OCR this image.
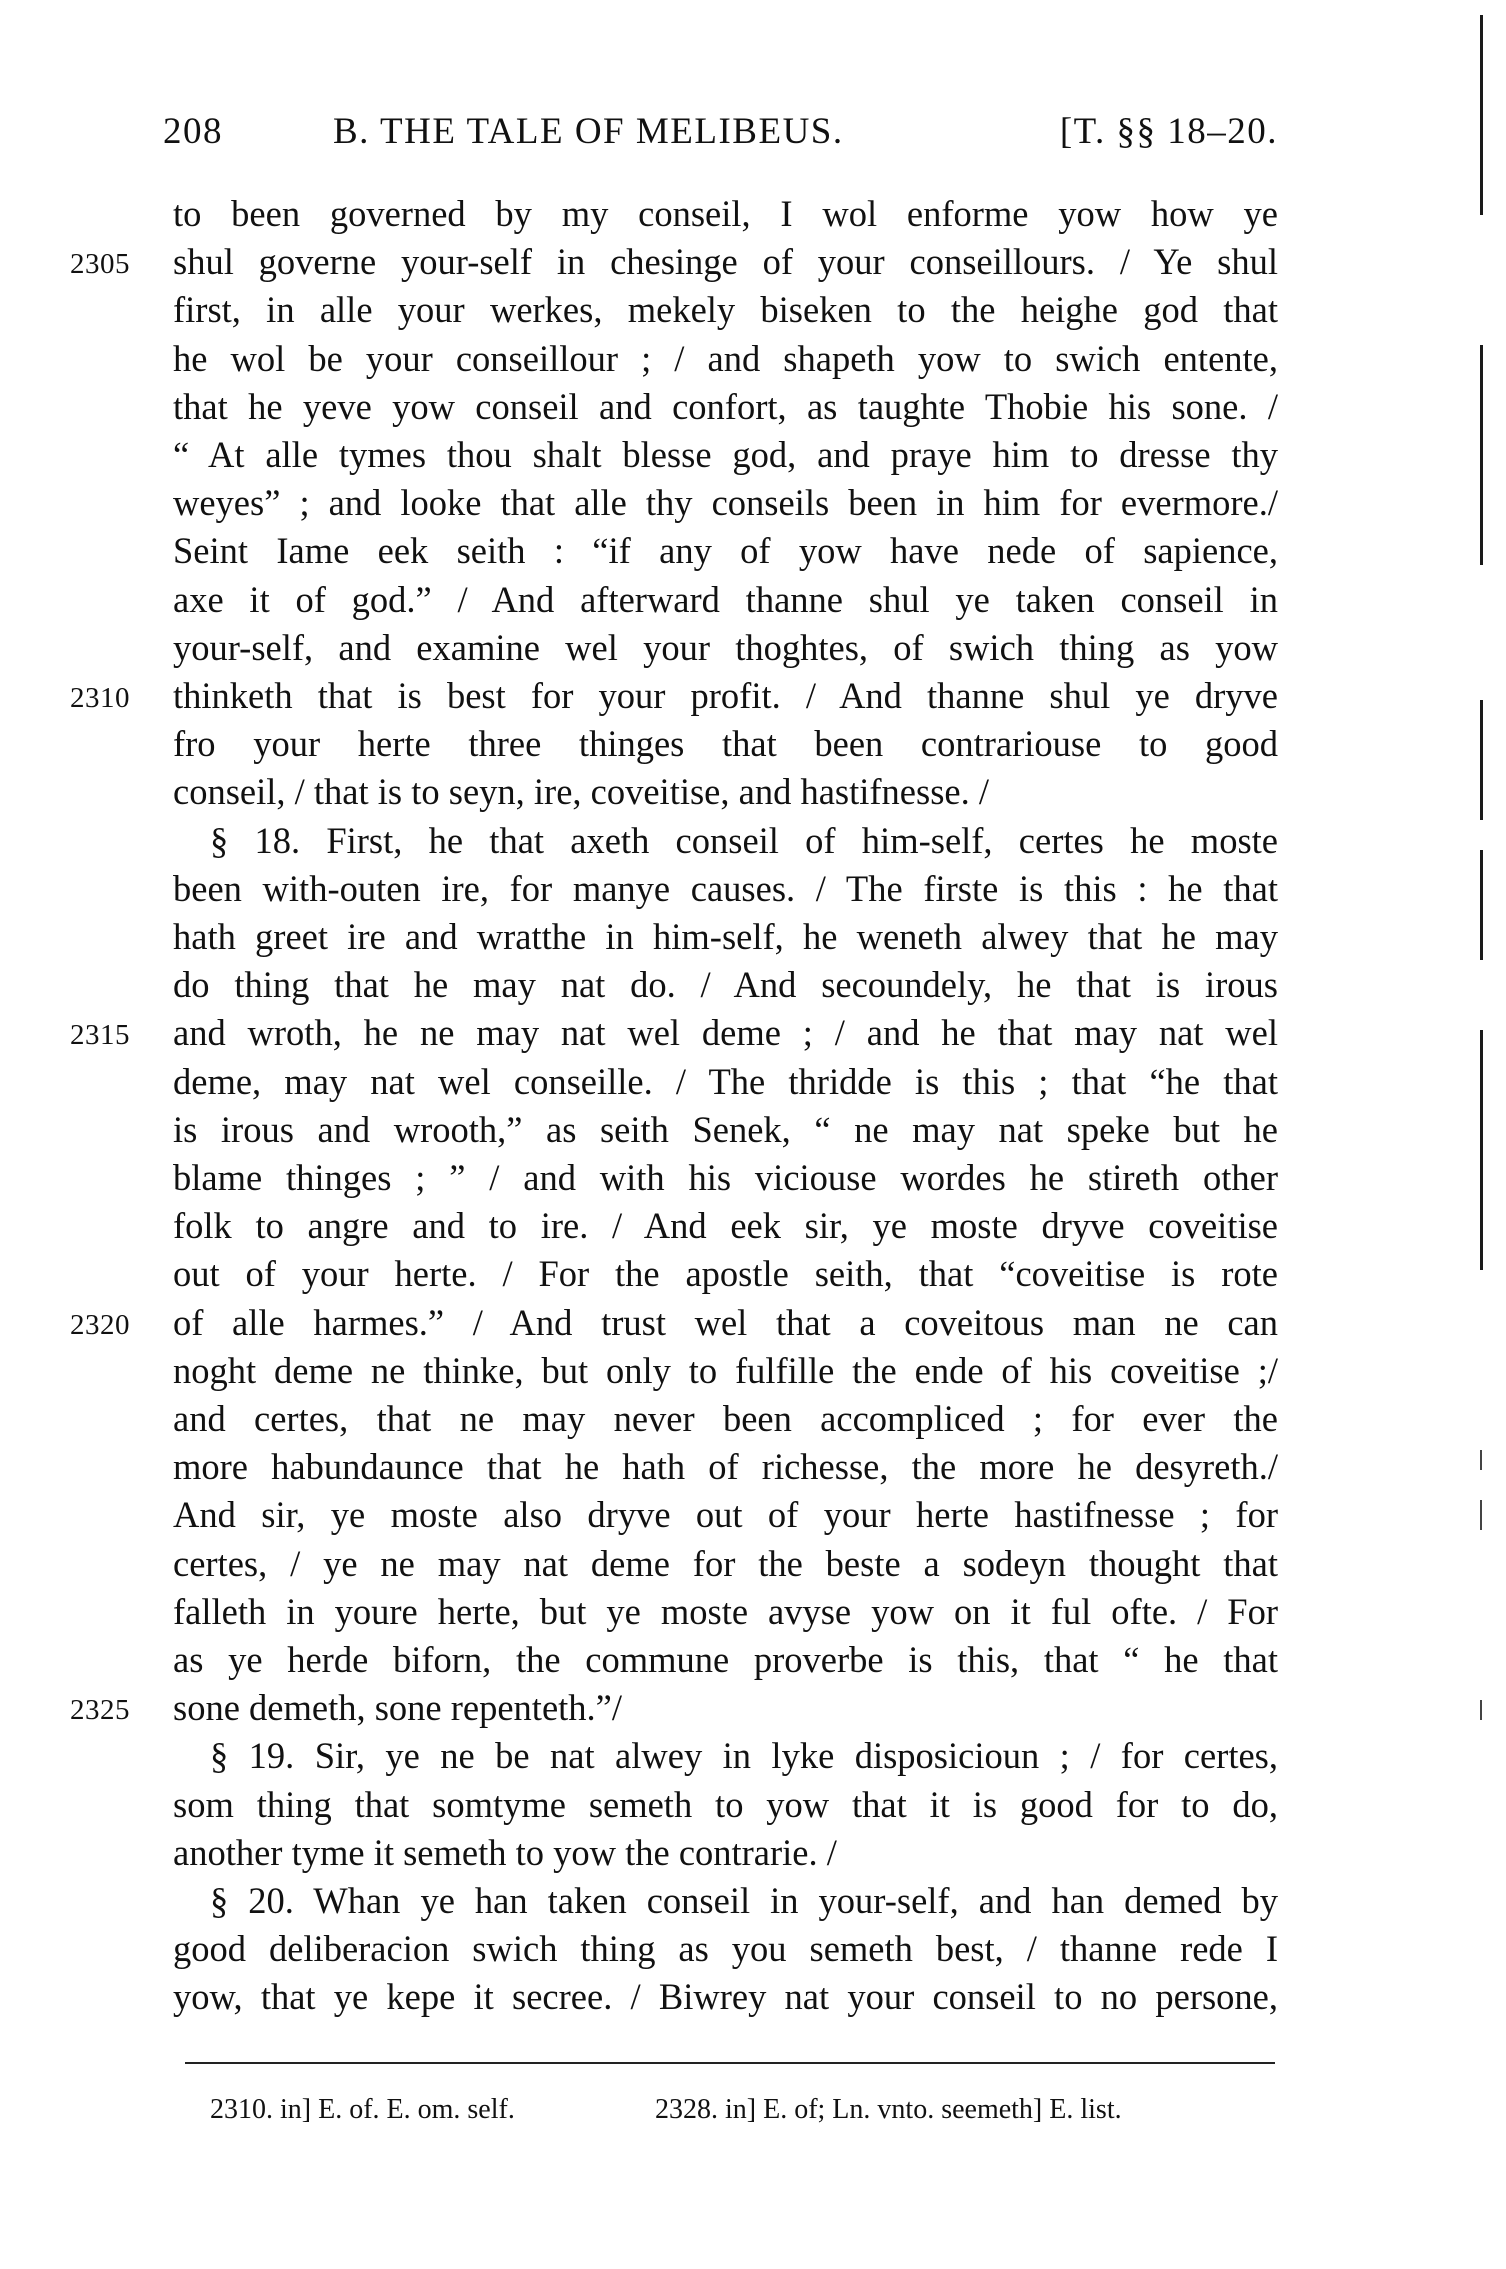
208	B. THE TALE OF MELIBEUS.	[T. §§ 18–20.
to been governed by my conseil, I wol enforme yow how ye
shul governe your-self in chesinge of your conseillours. / Ye shul
2305
first, in alle your werkes, mekely biseken to the heighe god that
he wol be your conseillour ; / and shapeth yow to swich entente,
that he yeve yow conseil and confort, as taughte Thobie his sone. /
“ At alle tymes thou shalt blesse god, and praye him to dresse thy
weyes” ; and looke that alle thy conseils been in him for evermore./
Seint Iame eek seith : “if any of yow have nede of sapience,
axe it of god.” / And afterward thanne shul ye taken conseil in
your-self, and examine wel your thoghtes, of swich thing as yow
thinketh that is best for your profit. / And thanne shul ye dryve
2310
fro your herte three thinges that been contrariouse to good
conseil, / that is to seyn, ire, coveitise, and hastifnesse. /
§ 18. First, he that axeth conseil of him-self, certes he moste
been with-outen ire, for manye causes. / The firste is this : he that
hath greet ire and wratthe in him-self, he weneth alwey that he may
do thing that he may nat do. / And secoundely, he that is irous
and wroth, he ne may nat wel deme ; / and he that may nat wel
2315
deme, may nat wel conseille. / The thridde is this ; that “he that
is irous and wrooth,” as seith Senek, “ ne may nat speke but he
blame thinges ; ” / and with his viciouse wordes he stireth other
folk to angre and to ire. / And eek sir, ye moste dryve coveitise
out of your herte. / For the apostle seith, that “coveitise is rote
of alle harmes.” / And trust wel that a coveitous man ne can
2320
noght deme ne thinke, but only to fulfille the ende of his coveitise ;/
and certes, that ne may never been accompliced ; for ever the
more habundaunce that he hath of richesse, the more he desyreth./
And sir, ye moste also dryve out of your herte hastifnesse ; for
certes, / ye ne may nat deme for the beste a sodeyn thought that
falleth in youre herte, but ye moste avyse yow on it ful ofte. / For
as ye herde biforn, the commune proverbe is this, that “ he that
sone demeth, sone repenteth.”/
2325
§ 19. Sir, ye ne be nat alwey in lyke disposicioun ; / for certes,
som thing that somtyme semeth to yow that it is good for to do,
another tyme it semeth to yow the contrarie. /
§ 20. Whan ye han taken conseil in your-self, and han demed by
good deliberacion swich thing as you semeth best, / thanne rede I
yow, that ye kepe it secree. / Biwrey nat your conseil to no persone,
2310. in] E. of. E. om. self.	2328. in] E. of; Ln. vnto. seemeth] E. list.
